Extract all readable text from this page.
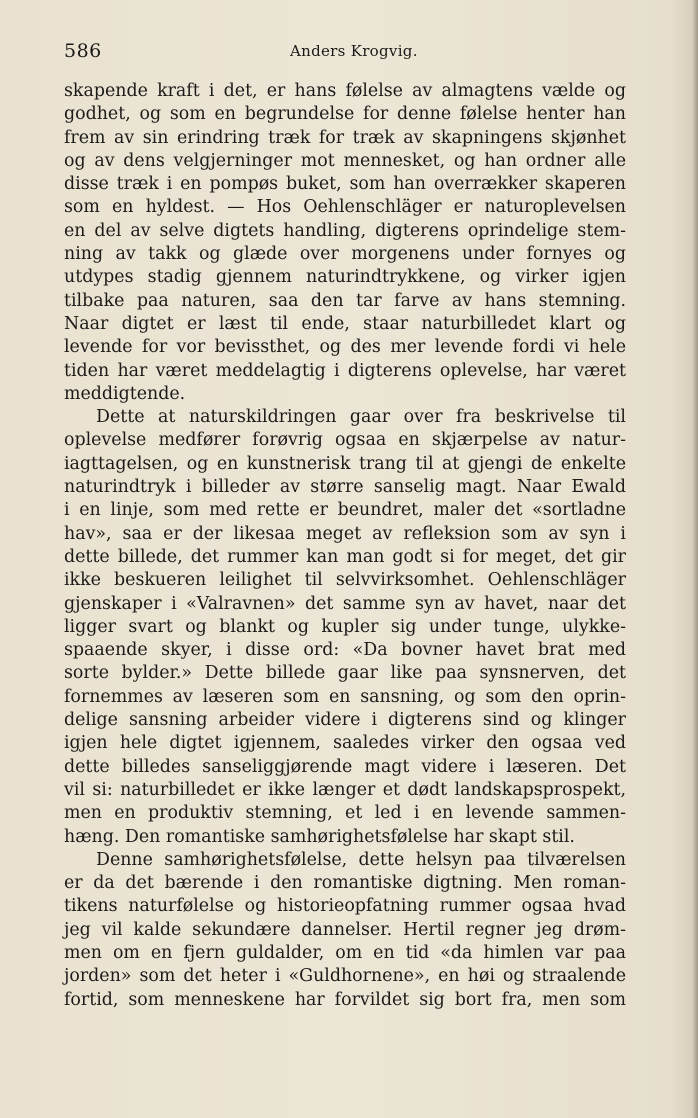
586	Anders Krogvig.
skapende kraft i det, er hans følelse av almagtens vælde og
godhet, og som en begrundelse for denne følelse henter han
frem av sin erindring træk for træk av skapningens skjønhet
og av dens velgjerninger mot mennesket, og han ordner alle
disse træk i en pompøs buket, som han overrækker skaperen
som en hyldest. — Hos Oehlenschläger er naturoplevelsen
en del av selve digtets handling, digterens oprindelige stem-
ning av takk og glæde over morgenens under fornyes og
utdypes stadig gjennem naturindtrykkene, og virker igjen
tilbake paa naturen, saa den tar farve av hans stemning.
Naar digtet er læst til ende, staar naturbilledet klart og
levende for vor bevissthet, og des mer levende fordi vi hele
tiden har været meddelagtig i digterens oplevelse, har været
meddigtende.
Dette at naturskildringen gaar over fra beskrivelse til
oplevelse medfører forøvrig ogsaa en skjærpelse av natur-
iagttagelsen, og en kunstnerisk trang til at gjengi de enkelte
naturindtryk i billeder av større sanselig magt. Naar Ewald
i en linje, som med rette er beundret, maler det «sortladne
hav», saa er der likesaa meget av refleksion som av syn i
dette billede, det rummer kan man godt si for meget, det gir
ikke beskueren leilighet til selvvirksomhet. Oehlenschläger
gjenskaper i «Valravnen» det samme syn av havet, naar det
ligger svart og blankt og kupler sig under tunge, ulykke-
spaaende skyer, i disse ord: «Da bovner havet brat med
sorte bylder.» Dette billede gaar like paa synsnerven, det
fornemmes av læseren som en sansning, og som den oprin-
delige sansning arbeider videre i digterens sind og klinger
igjen hele digtet igjennem, saaledes virker den ogsaa ved
dette billedes sanseliggjørende magt videre i læseren. Det
vil si: naturbilledet er ikke længer et dødt landskapsprospekt,
men en produktiv stemning, et led i en levende sammen-
hæng. Den romantiske samhørighetsfølelse har skapt stil.
Denne samhørighetsfølelse, dette helsyn paa tilværelsen
er da det bærende i den romantiske digtning. Men roman-
tikens naturfølelse og historieopfatning rummer ogsaa hvad
jeg vil kalde sekundære dannelser. Hertil regner jeg drøm-
men om en fjern guldalder, om en tid «da himlen var paa
jorden» som det heter i «Guldhornene», en høi og straalende
fortid, som menneskene har forvildet sig bort fra, men som
